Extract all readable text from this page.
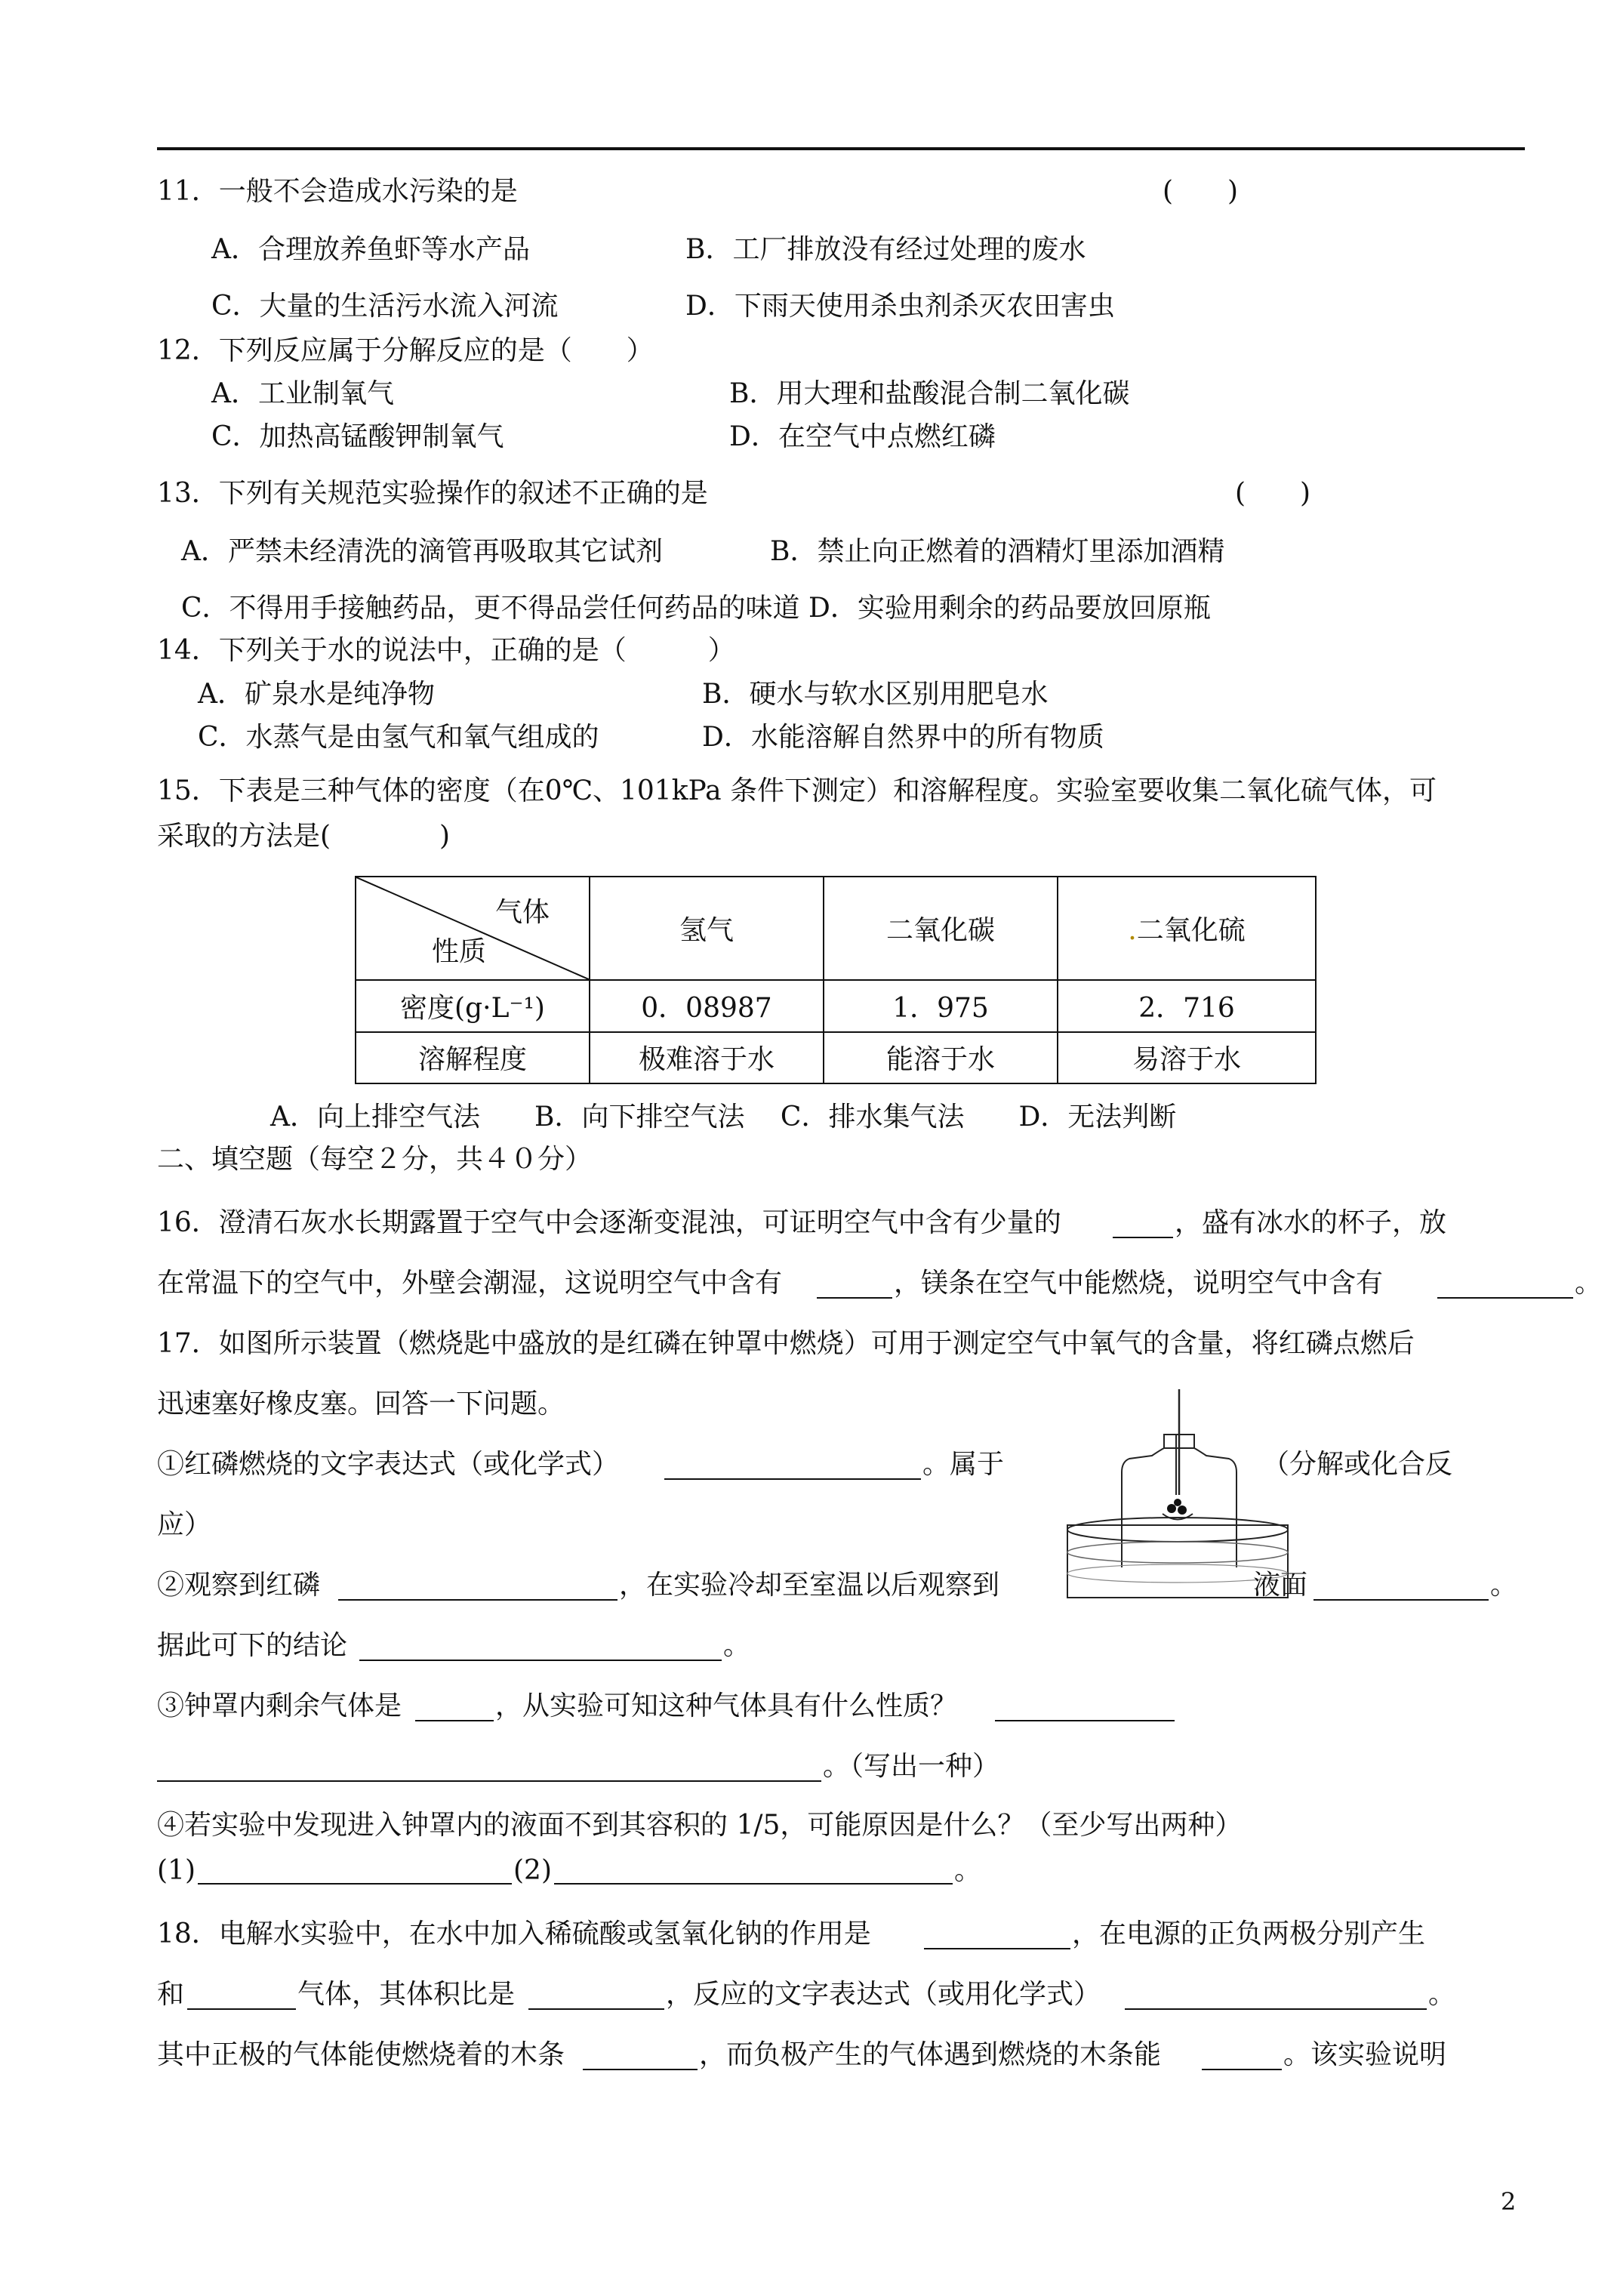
11．一般不会造成水污染的是	(　　)
A．合理放养鱼虾等水产品	B．工厂排放没有经过处理的废水
C．大量的生活污水流入河流	D．下雨天使用杀虫剂杀灭农田害虫
12．下列反应属于分解反应的是（　　）
A．工业制氧气	B．用大理和盐酸混合制二氧化碳
C．加热高锰酸钾制氧气	D．在空气中点燃红磷
13．下列有关规范实验操作的叙述不正确的是	(　　)
A．严禁未经清洗的滴管再吸取其它试剂	B．禁止向正燃着的酒精灯里添加酒精
C．不得用手接触药品，更不得品尝任何药品的味道 D．实验用剩余的药品要放回原瓶
14．下列关于水的说法中，正确的是（　　　）
A．矿泉水是纯净物	B．硬水与软水区别用肥皂水
C．水蒸气是由氢气和氧气组成的	D．水能溶解自然界中的所有物质
15．下表是三种气体的密度（在0℃、101kPa 条件下测定）和溶解程度。实验室要收集二氧化硫气体，可
采取的方法是(　　　　)
气体
性质	氢气	二氧化碳	.二氧化硫
密度(g·L⁻¹)	0．08987	1．975	2．716
溶解程度	极难溶于水	能溶于水	易溶于水
A．向上排空气法　　B．向下排空气法　 C．排水集气法　　D．无法判断
二、填空题（每空２分，共４０分）
16．澄清石灰水长期露置于空气中会逐渐变混浊，可证明空气中含有少量的	，盛有冰水的杯子，放
在常温下的空气中，外壁会潮湿，这说明空气中含有	，镁条在空气中能燃烧，说明空气中含有	。
17．如图所示装置（燃烧匙中盛放的是红磷在钟罩中燃烧）可用于测定空气中氧气的含量，将红磷点燃后
迅速塞好橡皮塞。回答一下问题。
①红磷燃烧的文字表达式（或化学式）	。属于	（分解或化合反
应）
②观察到红磷	，在实验冷却至室温以后观察到	液面	。
据此可下的结论	。
③钟罩内剩余气体是	，从实验可知这种气体具有什么性质？
。（写出一种）
④若实验中发现进入钟罩内的液面不到其容积的 1/5，可能原因是什么？（至少写出两种）
(1)	(2)	。
18．电解水实验中，在水中加入稀硫酸或氢氧化钠的作用是	，在电源的正负两极分别产生
和	气体，其体积比是	，反应的文字表达式（或用化学式）	。
其中正极的气体能使燃烧着的木条	，而负极产生的气体遇到燃烧的木条能	。该实验说明
2
